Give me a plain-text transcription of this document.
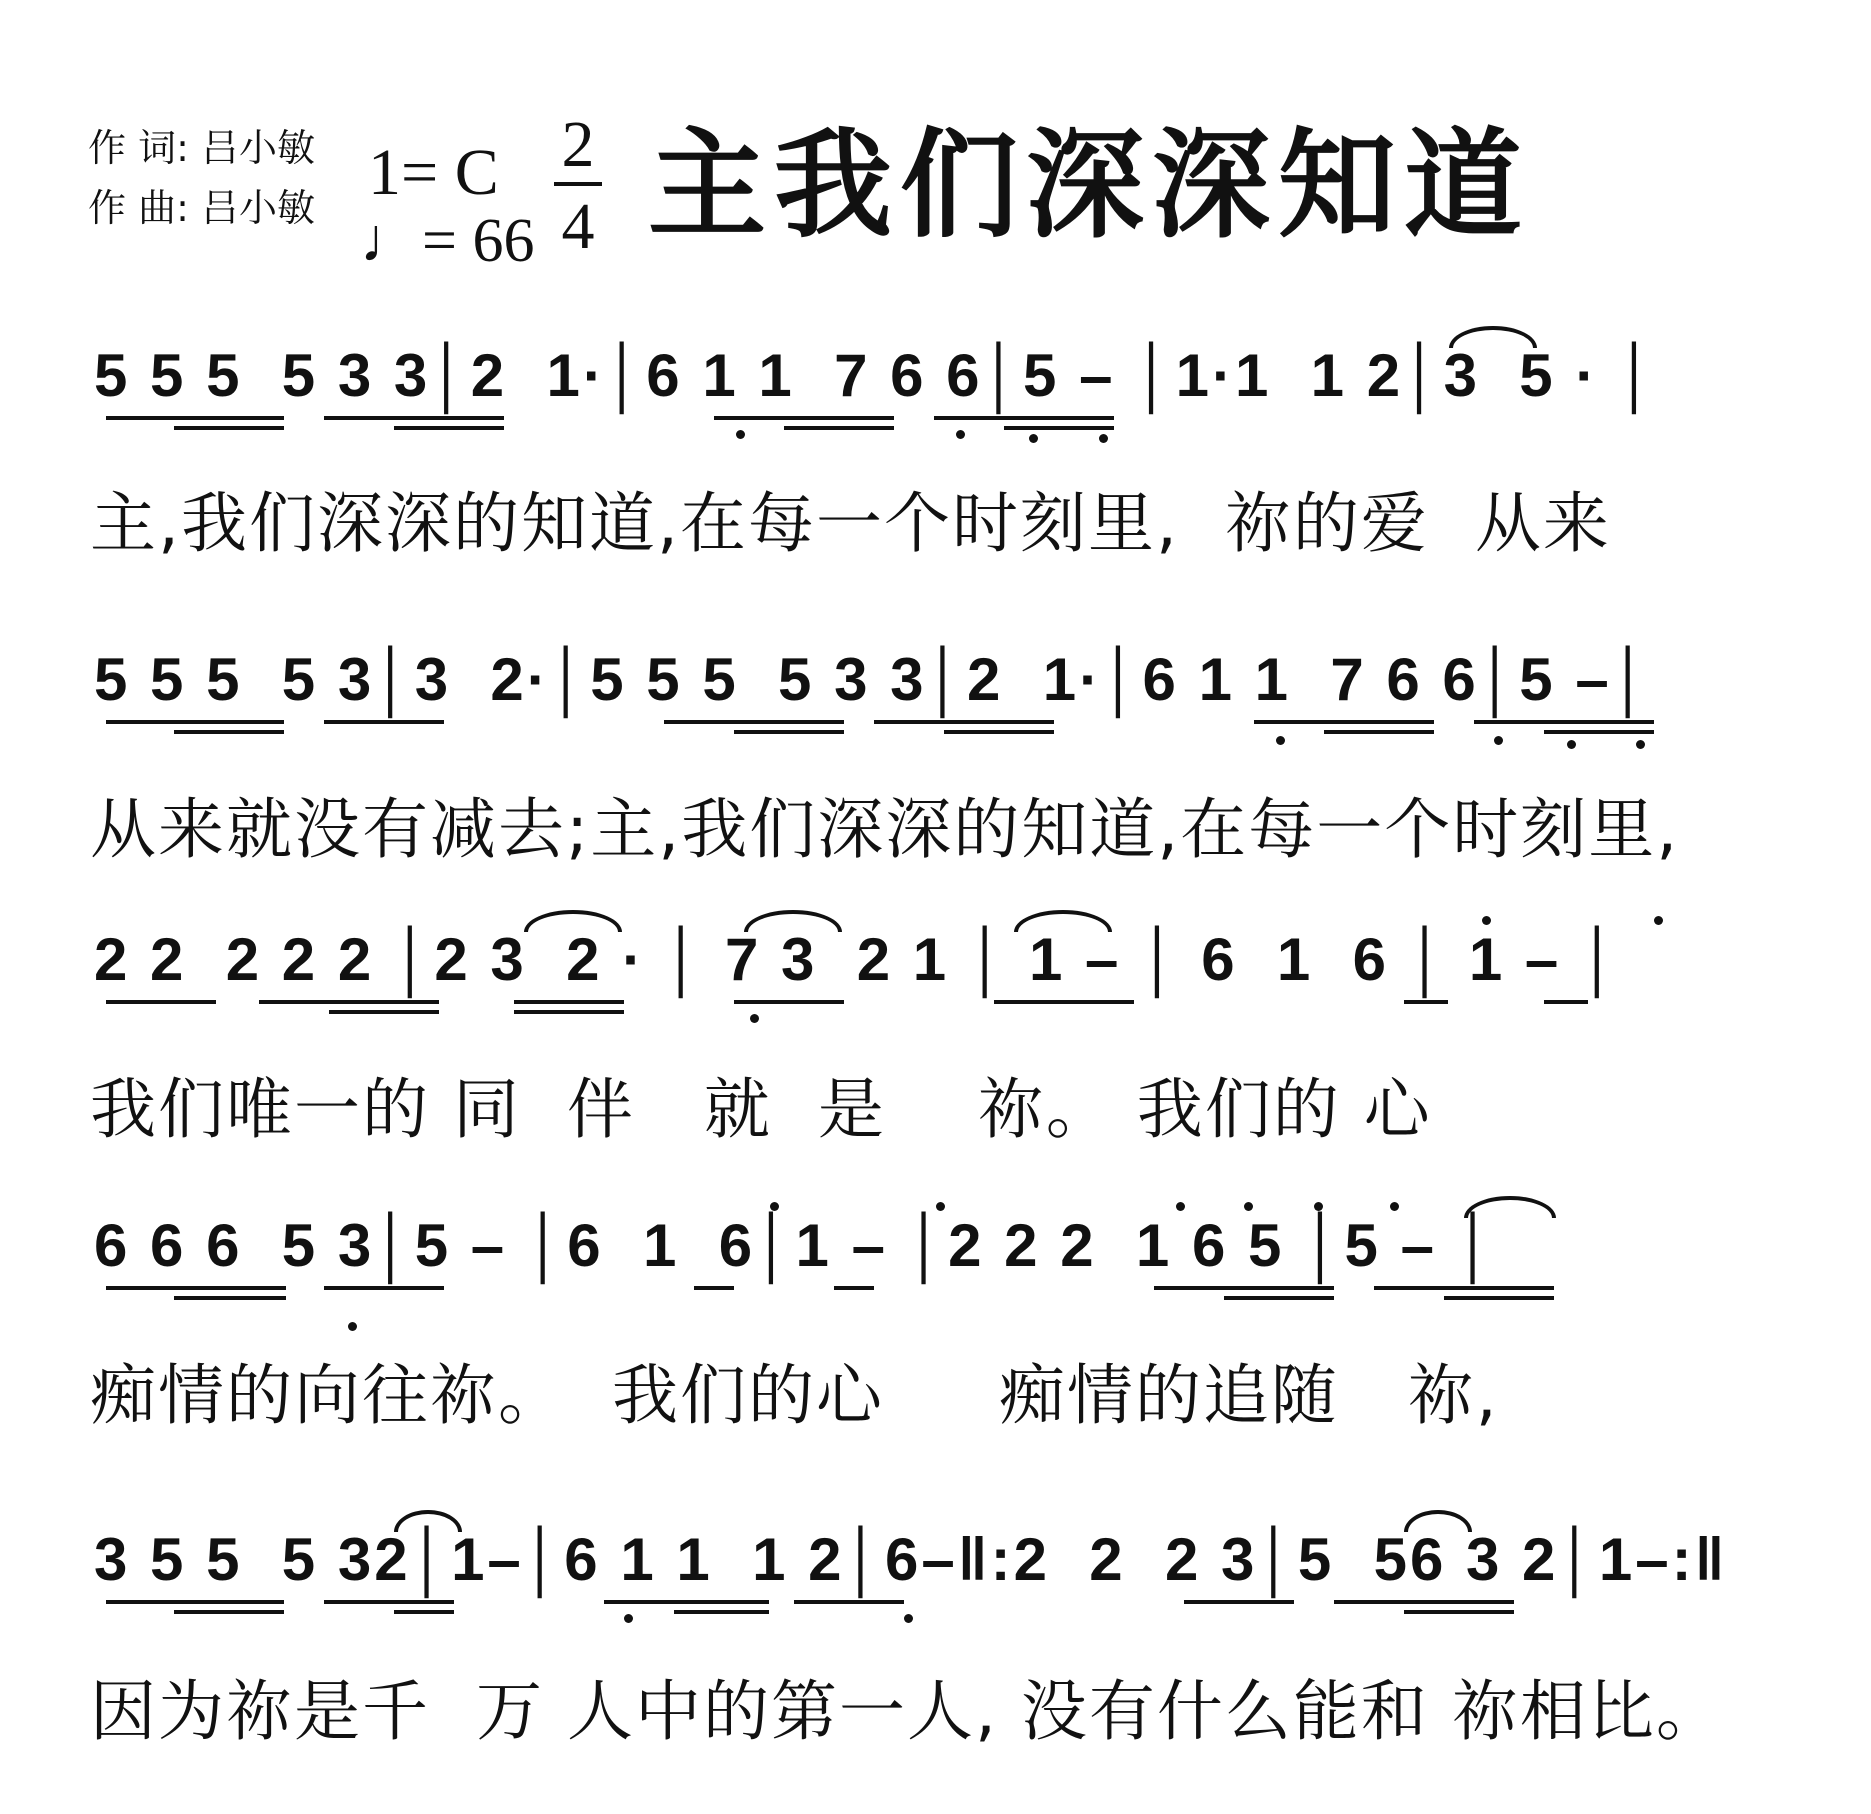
作 词: 吕小敏
作 曲: 吕小敏 1= C
♩= 66
2
4 主我们深深知道
5 5 5  5 3 3│2  1·│6 1 1  7 6 6│5 – │1·1  1 2│3  5 · │
主,我们深深的知道,在每一个时刻里,  祢的爱  从来
5 5 5  5 3│3  2·│5 5 5  5 3 3│2  1·│6 1 1  7 6 6│5 –│
从来就没有减去;主,我们深深的知道,在每一个时刻里,
2 2  2 2 2 │2 3  2 · │ 7 3  2 1 │ 1 – │ 6  1  6 │ 1 – │
我们唯一的 同  伴   就  是    祢。 我们的 心
6 6 6  5 3│5 – │6  1  6│1 – │2 2 2  1 6 5 │5 – │
痴情的向往祢。  我们的心     痴情的追随   祢,
3 5 5  5 32│1–│6 1 1  1 2│6–‖:2  2  2 3│5  56 3 2│1–:‖
因为祢是千  万 人中的第一人, 没有什么能和 祢相比。
